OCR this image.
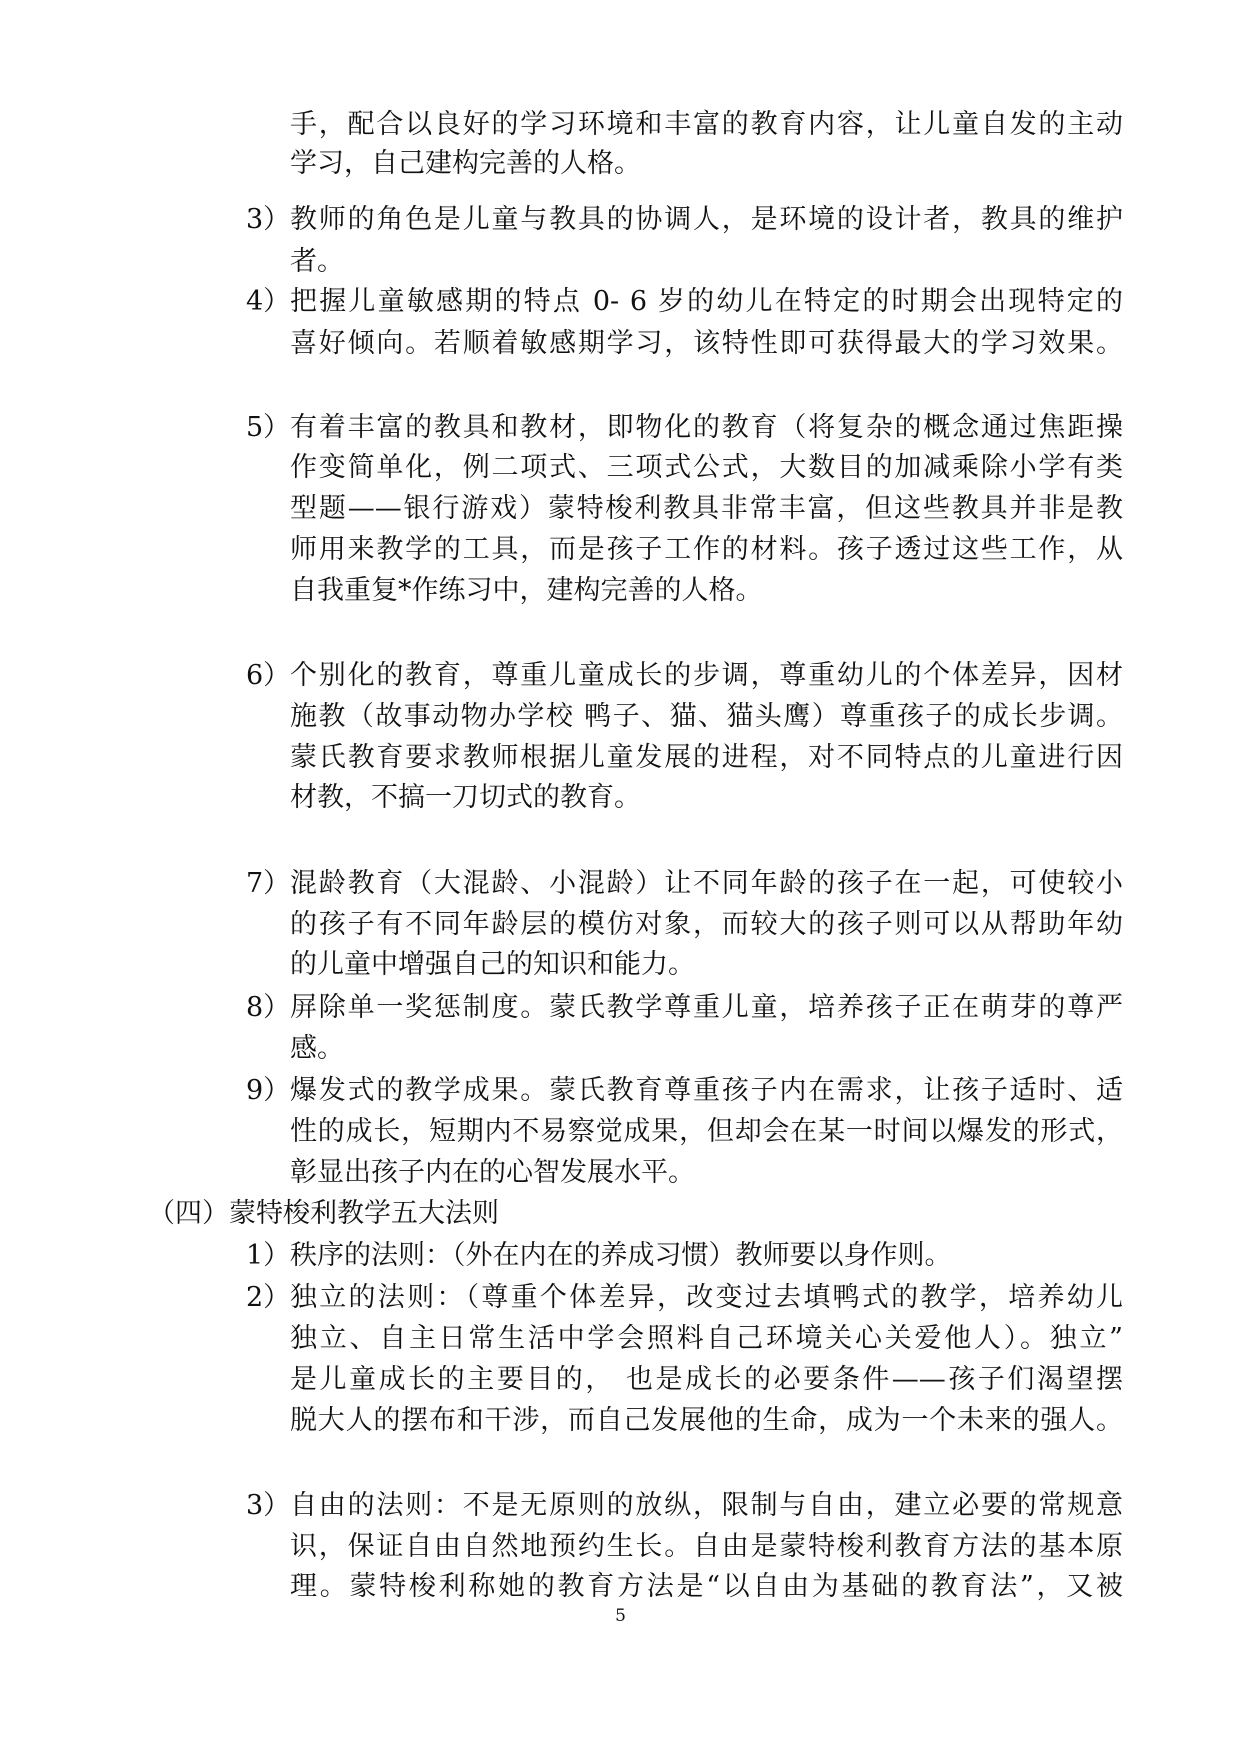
手，配合以良好的学习环境和丰富的教育内容，让儿童自发的主动
学习，自己建构完善的人格。
3） 教师的角色是儿童与教具的协调人，是环境的设计者，教具的维护
者。
4） 把握儿童敏感期的特点 0- 6 岁的幼儿在特定的时期会出现特定的
喜好倾向。若顺着敏感期学习，该特性即可获得最大的学习效果。
5） 有着丰富的教具和教材，即物化的教育（将复杂的概念通过焦距操
作变简单化，例二项式、三项式公式，大数目的加减乘除小学有类
型题——银行游戏）蒙特梭利教具非常丰富，但这些教具并非是教
师用来教学的工具，而是孩子工作的材料。孩子透过这些工作，从
自我重复*作练习中，建构完善的人格。
6） 个别化的教育，尊重儿童成长的步调，尊重幼儿的个体差异，因材
施教（故事动物办学校 鸭子、猫、猫头鹰）尊重孩子的成长步调。
蒙氏教育要求教师根据儿童发展的进程，对不同特点的儿童进行因
材教，不搞一刀切式的教育。
7） 混龄教育（大混龄、小混龄）让不同年龄的孩子在一起，可使较小
的孩子有不同年龄层的模仿对象，而较大的孩子则可以从帮助年幼
的儿童中增强自己的知识和能力。
8） 屏除单一奖惩制度。蒙氏教学尊重儿童，培养孩子正在萌芽的尊严
感。
9） 爆发式的教学成果。蒙氏教育尊重孩子内在需求，让孩子适时、适
性的成长，短期内不易察觉成果，但却会在某一时间以爆发的形式，
彰显出孩子内在的心智发展水平。
（四）蒙特梭利教学五大法则
1） 秩序的法则：（外在内在的养成习惯）教师要以身作则。
2） 独立的法则：（尊重个体差异，改变过去填鸭式的教学，培养幼儿
独立、自主日常生活中学会照料自己环境关心关爱他人）。独立”
是儿童成长的主要目的， 也是成长的必要条件——孩子们渴望摆
脱大人的摆布和干涉，而自己发展他的生命，成为一个未来的强人。
3） 自由的法则：不是无原则的放纵，限制与自由，建立必要的常规意
识，保证自由自然地预约生长。自由是蒙特梭利教育方法的基本原
理。蒙特梭利称她的教育方法是“以自由为基础的教育法”，又被
5
